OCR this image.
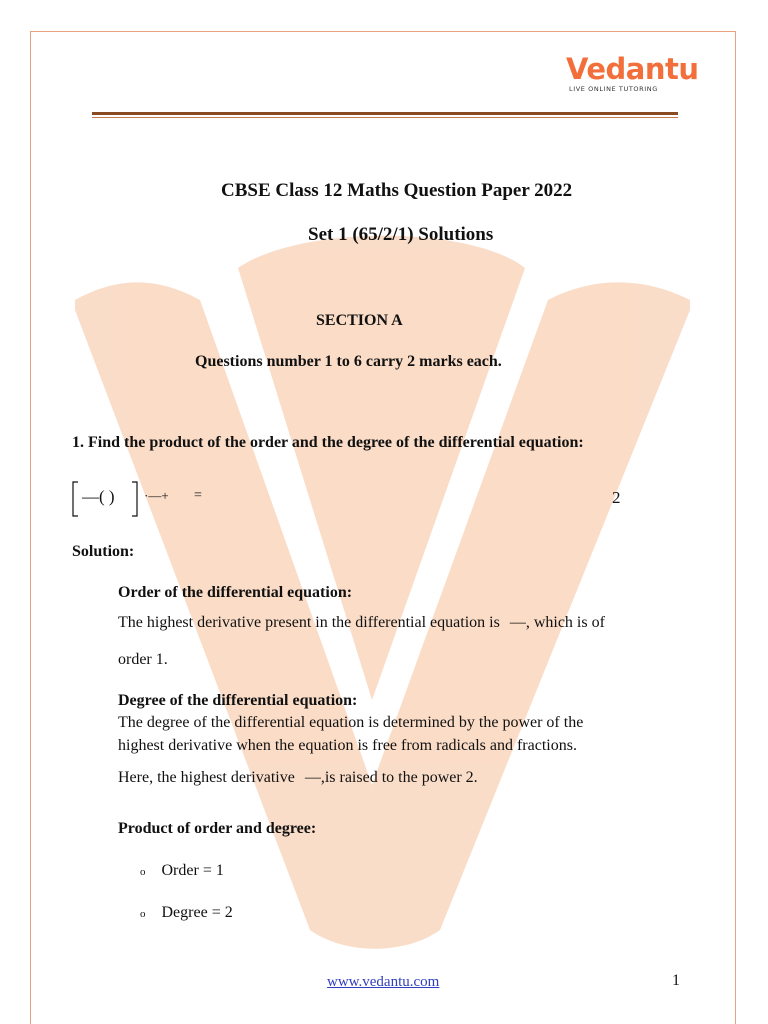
Vedantu
LIVE ONLINE TUTORING
CBSE Class 12 Maths Question Paper 2022
Set 1 (65/2/1) Solutions
SECTION A
Questions number 1 to 6 carry 2 marks each.
1. Find the product of the order and the degree of the differential equation:
—( ) ·—+ =	2
Solution:
Order of the differential equation:
The highest derivative present in the differential equation is —, which is of
order 1.
Degree of the differential equation:
The degree of the differential equation is determined by the power of the
highest derivative when the equation is free from radicals and fractions.
Here, the highest derivative —,is raised to the power 2.
Product of order and degree:
o Order = 1
o Degree = 2
www.vedantu.com	1
